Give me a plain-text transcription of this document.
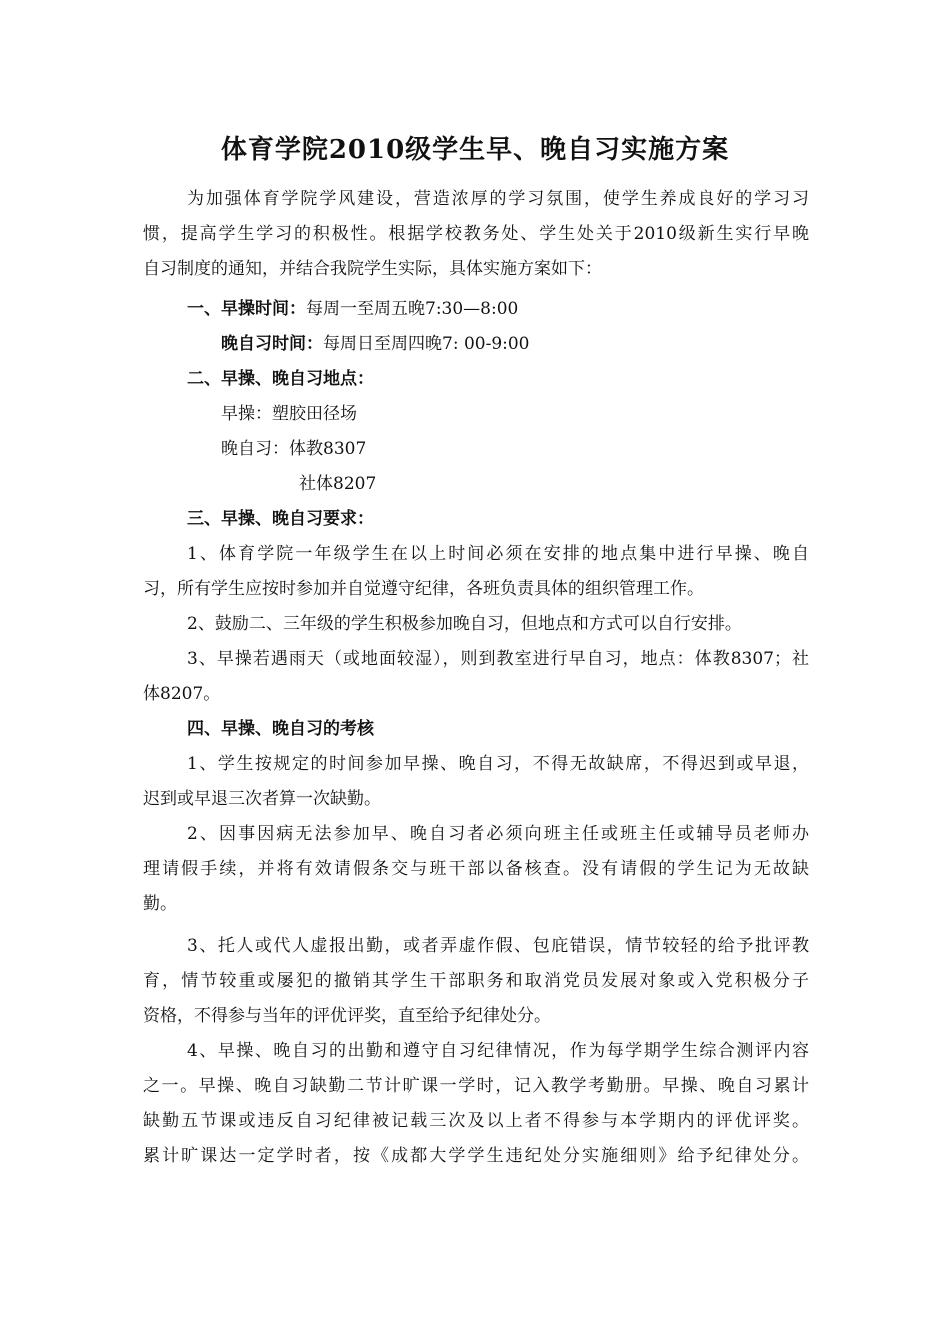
体育学院2010级学生早、晚自习实施方案
为加强体育学院学风建设，营造浓厚的学习氛围，使学生养成良好的学习习
惯，提高学生学习的积极性。根据学校教务处、学生处关于2010级新生实行早晚
自习制度的通知，并结合我院学生实际，具体实施方案如下：
一、早操时间：每周一至周五晚7:30—8:00
晚自习时间：每周日至周四晚7: 00-9:00
二、早操、晚自习地点：
早操：塑胶田径场
晚自习：体教8307
社体8207
三、早操、晚自习要求：
1、体育学院一年级学生在以上时间必须在安排的地点集中进行早操、晚自
习，所有学生应按时参加并自觉遵守纪律，各班负责具体的组织管理工作。
2、鼓励二、三年级的学生积极参加晚自习，但地点和方式可以自行安排。
3、早操若遇雨天（或地面较湿），则到教室进行早自习，地点：体教8307；社
体8207。
四、早操、晚自习的考核
1、学生按规定的时间参加早操、晚自习，不得无故缺席，不得迟到或早退，
迟到或早退三次者算一次缺勤。
2、因事因病无法参加早、晚自习者必须向班主任或班主任或辅导员老师办
理请假手续，并将有效请假条交与班干部以备核查。没有请假的学生记为无故缺
勤。
3、托人或代人虚报出勤，或者弄虚作假、包庇错误，情节较轻的给予批评教
育，情节较重或屡犯的撤销其学生干部职务和取消党员发展对象或入党积极分子
资格，不得参与当年的评优评奖，直至给予纪律处分。
4、早操、晚自习的出勤和遵守自习纪律情况，作为每学期学生综合测评内容
之一。早操、晚自习缺勤二节计旷课一学时，记入教学考勤册。早操、晚自习累计
缺勤五节课或违反自习纪律被记载三次及以上者不得参与本学期内的评优评奖。
累计旷课达一定学时者，按《成都大学学生违纪处分实施细则》给予纪律处分。
